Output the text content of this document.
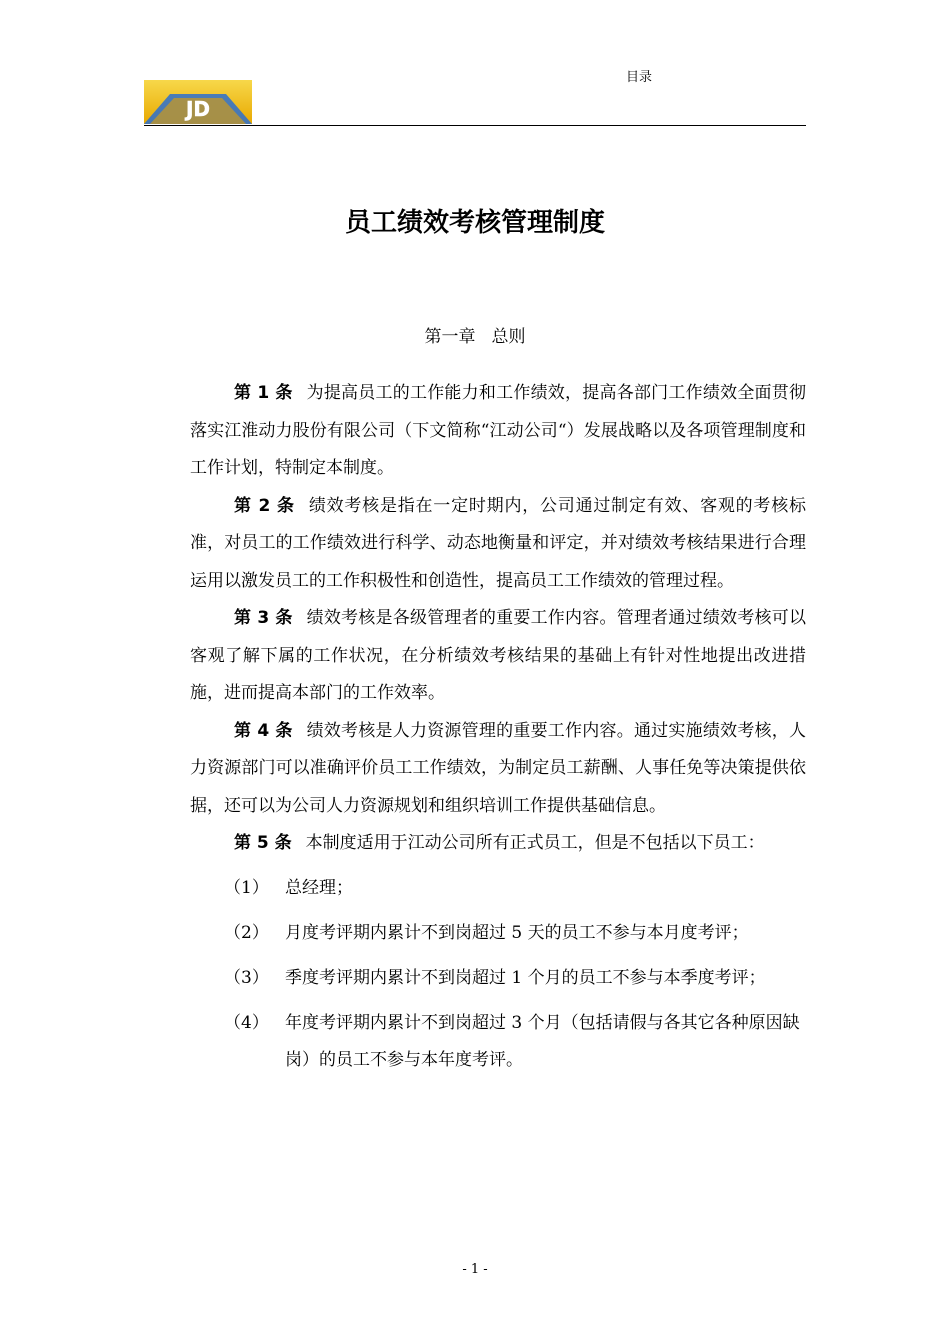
JD
目录
员工绩效考核管理制度
第一章 总则

第 1 条 为提高员工的工作能力和工作绩效，提高各部门工作绩效全面贯彻落实江淮动力股份有限公司（下文简称“江动公司“）发展战略以及各项管理制度和工作计划，特制定本制度。

第 2 条 绩效考核是指在一定时期内，公司通过制定有效、客观的考核标准，对员工的工作绩效进行科学、动态地衡量和评定，并对绩效考核结果进行合理运用以激发员工的工作积极性和创造性，提高员工工作绩效的管理过程。

第 3 条 绩效考核是各级管理者的重要工作内容。管理者通过绩效考核可以客观了解下属的工作状况，在分析绩效考核结果的基础上有针对性地提出改进措施，进而提高本部门的工作效率。

第 4 条 绩效考核是人力资源管理的重要工作内容。通过实施绩效考核，人力资源部门可以准确评价员工工作绩效，为制定员工薪酬、人事任免等决策提供依据，还可以为公司人力资源规划和组织培训工作提供基础信息。

第 5 条 本制度适用于江动公司所有正式员工，但是不包括以下员工：

（1） 总经理；
（2） 月度考评期内累计不到岗超过 5 天的员工不参与本月度考评；
（3） 季度考评期内累计不到岗超过 1 个月的员工不参与本季度考评；
（4） 年度考评期内累计不到岗超过 3 个月（包括请假与各其它各种原因缺岗）的员工不参与本年度考评。
- 1 -
